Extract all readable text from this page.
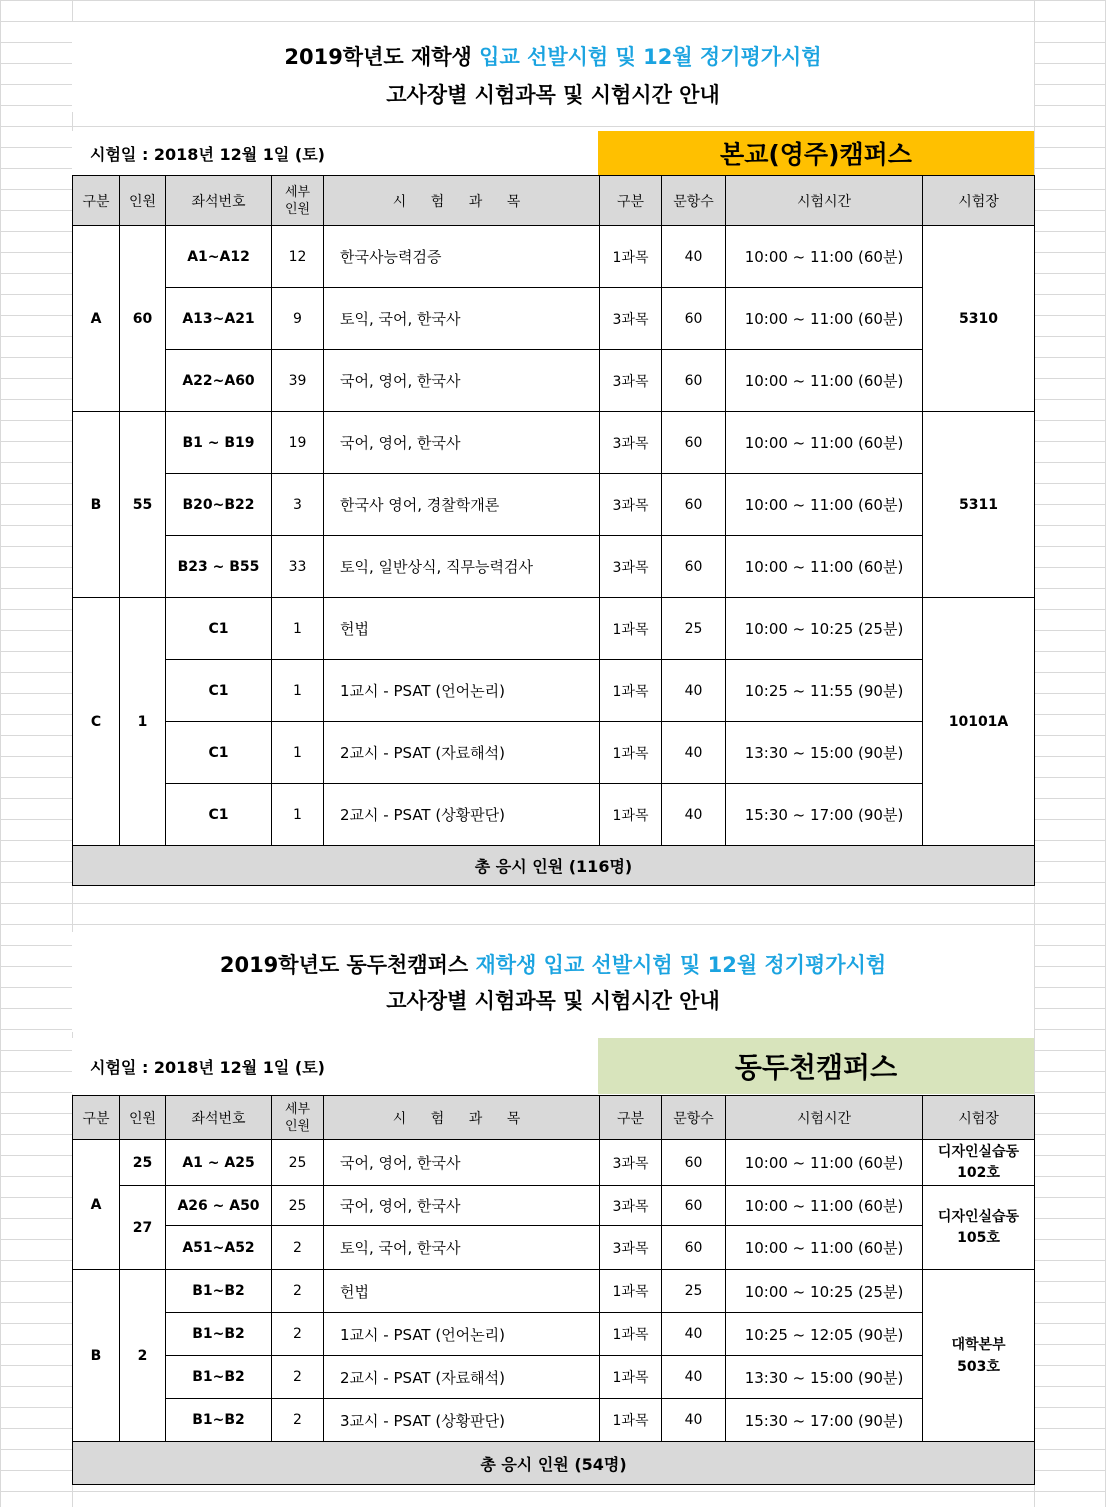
2019학년도 재학생 입교 선발시험 및 12월 정기평가시험
고사장별 시험과목 및 시험시간 안내
시험일 : 2018년 12월 1일 (토)	본교(영주)캠퍼스
구분	인원	좌석번호	세부
인원	시 험 과 목	구분	문항수	시험시간	시험장
A	60	A1~A12	12	한국사능력검증	1과목	40	10:00 ~ 11:00 (60분)	5310
		A13~A21	9	토익, 국어, 한국사	3과목	60	10:00 ~ 11:00 (60분)	
		A22~A60	39	국어, 영어, 한국사	3과목	60	10:00 ~ 11:00 (60분)	
B	55	B1 ~ B19	19	국어, 영어, 한국사	3과목	60	10:00 ~ 11:00 (60분)	5311
		B20~B22	3	한국사 영어, 경찰학개론	3과목	60	10:00 ~ 11:00 (60분)	
		B23 ~ B55	33	토익, 일반상식, 직무능력검사	3과목	60	10:00 ~ 11:00 (60분)	
C	1	C1	1	헌법	1과목	25	10:00 ~ 10:25 (25분)	10101A
		C1	1	1교시 - PSAT (언어논리)	1과목	40	10:25 ~ 11:55 (90분)	
		C1	1	2교시 - PSAT (자료해석)	1과목	40	13:30 ~ 15:00 (90분)	
		C1	1	2교시 - PSAT (상황판단)	1과목	40	15:30 ~ 17:00 (90분)	
총 응시 인원 (116명)								
2019학년도 동두천캠퍼스 재학생 입교 선발시험 및 12월 정기평가시험
고사장별 시험과목 및 시험시간 안내
시험일 : 2018년 12월 1일 (토)	동두천캠퍼스
구분	인원	좌석번호	세부
인원	시 험 과 목	구분	문항수	시험시간	시험장
A	25	A1 ~ A25	25	국어, 영어, 한국사	3과목	60	10:00 ~ 11:00 (60분)	디자인실습동
102호

	27	A26 ~ A50	25	국어, 영어, 한국사	3과목	60	10:00 ~ 11:00 (60분)	디자인실습동
105호

		A51~A52	2	토익, 국어, 한국사	3과목	60	10:00 ~ 11:00 (60분)	
B	2	B1~B2	2	헌법	1과목	25	10:00 ~ 10:25 (25분)	대학본부
503호

		B1~B2	2	1교시 - PSAT (언어논리)	1과목	40	10:25 ~ 12:05 (90분)	
		B1~B2	2	2교시 - PSAT (자료해석)	1과목	40	13:30 ~ 15:00 (90분)	
		B1~B2	2	3교시 - PSAT (상황판단)	1과목	40	15:30 ~ 17:00 (90분)	
총 응시 인원 (54명)								
